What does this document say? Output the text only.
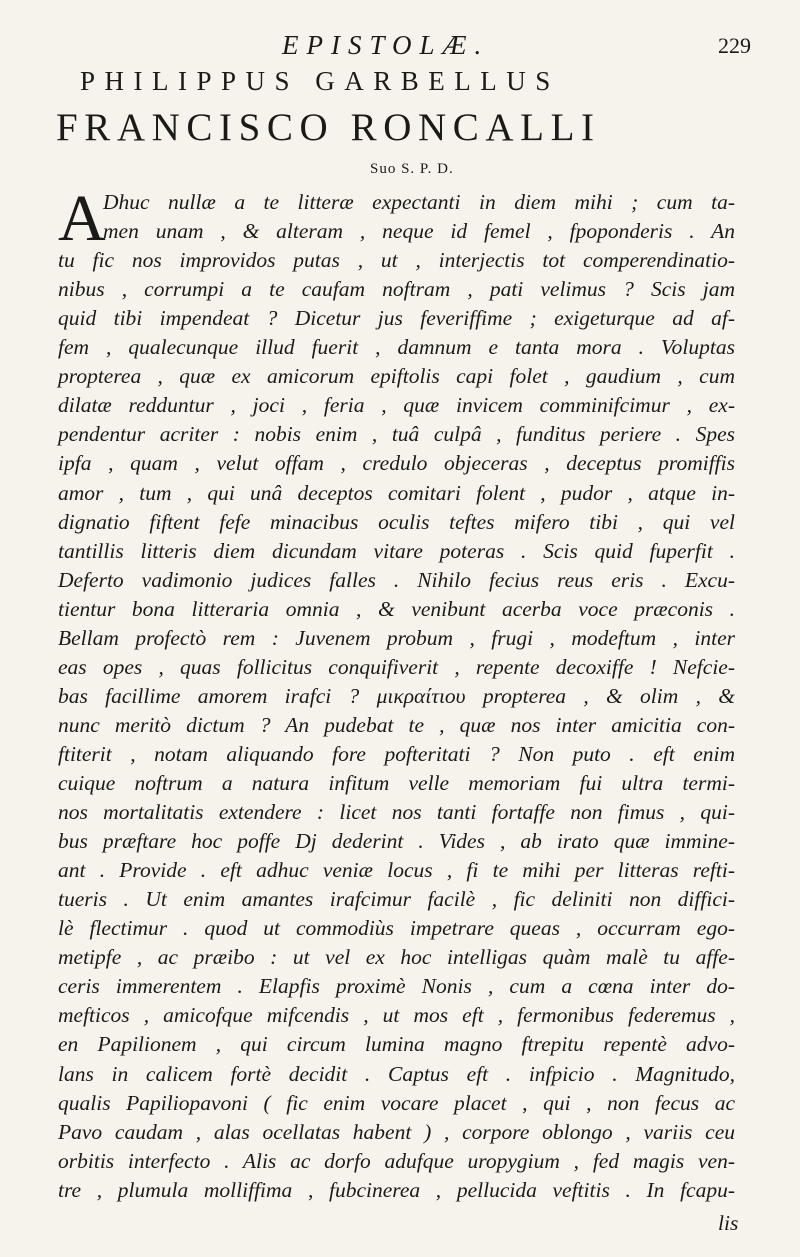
EPISTOLÆ.	229
PHILIPPUS GARBELLUS
FRANCISCO RONCALLI
Suo S. P. D.
A
Dhuc nullæ a te litteræ expectanti in diem mihi ; cum ta-
men unam , & alteram , neque id femel , fpoponderis . An
tu fic nos improvidos putas , ut , interjectis tot comperendinatio-
nibus , corrumpi a te caufam noftram , pati velimus ? Scis jam
quid tibi impendeat ? Dicetur jus feveriffime ; exigeturque ad af-
fem , qualecunque illud fuerit , damnum e tanta mora . Voluptas
propterea , quæ ex amicorum epiftolis capi folet , gaudium , cum
dilatæ redduntur , joci , feria , quæ invicem comminifcimur , ex-
pendentur acriter : nobis enim , tuâ culpâ , funditus periere . Spes
ipfa , quam , velut offam , credulo objeceras , deceptus promiffis
amor , tum , qui unâ deceptos comitari folent , pudor , atque in-
dignatio fiftent fefe minacibus oculis teftes mifero tibi , qui vel
tantillis litteris diem dicundam vitare poteras . Scis quid fuperfit .
Deferto vadimonio judices falles . Nihilo fecius reus eris . Excu-
tientur bona litteraria omnia , & venibunt acerba voce præconis .
Bellam profectò rem : Juvenem probum , frugi , modeftum , inter
eas opes , quas follicitus conquifiverit , repente decoxiffe ! Nefcie-
bas facillime amorem irafci ? μικραίτιου propterea , & olim , &
nunc meritò dictum ? An pudebat te , quæ nos inter amicitia con-
ftiterit , notam aliquando fore pofteritati ? Non puto . eft enim
cuique noftrum a natura infitum velle memoriam fui ultra termi-
nos mortalitatis extendere : licet nos tanti fortaffe non fimus , qui-
bus præftare hoc poffe Dj dederint . Vides , ab irato quæ immine-
ant . Provide . eft adhuc veniæ locus , fi te mihi per litteras refti-
tueris . Ut enim amantes irafcimur facilè , fic deliniti non diffici-
lè flectimur . quod ut commodiùs impetrare queas , occurram ego-
metipfe , ac præibo : ut vel ex hoc intelligas quàm malè tu affe-
ceris immerentem . Elapfis proximè Nonis , cum a cœna inter do-
mefticos , amicofque mifcendis , ut mos eft , fermonibus federemus ,
en Papilionem , qui circum lumina magno ftrepitu repentè advo-
lans in calicem fortè decidit . Captus eft . infpicio . Magnitudo,
qualis Papiliopavoni ( fic enim vocare placet , qui , non fecus ac
Pavo caudam , alas ocellatas habent ) , corpore oblongo , variis ceu
orbitis interfecto . Alis ac dorfo adufque uropygium , fed magis ven-
tre , plumula molliffima , fubcinerea , pellucida veftitis . In fcapu-
lis
